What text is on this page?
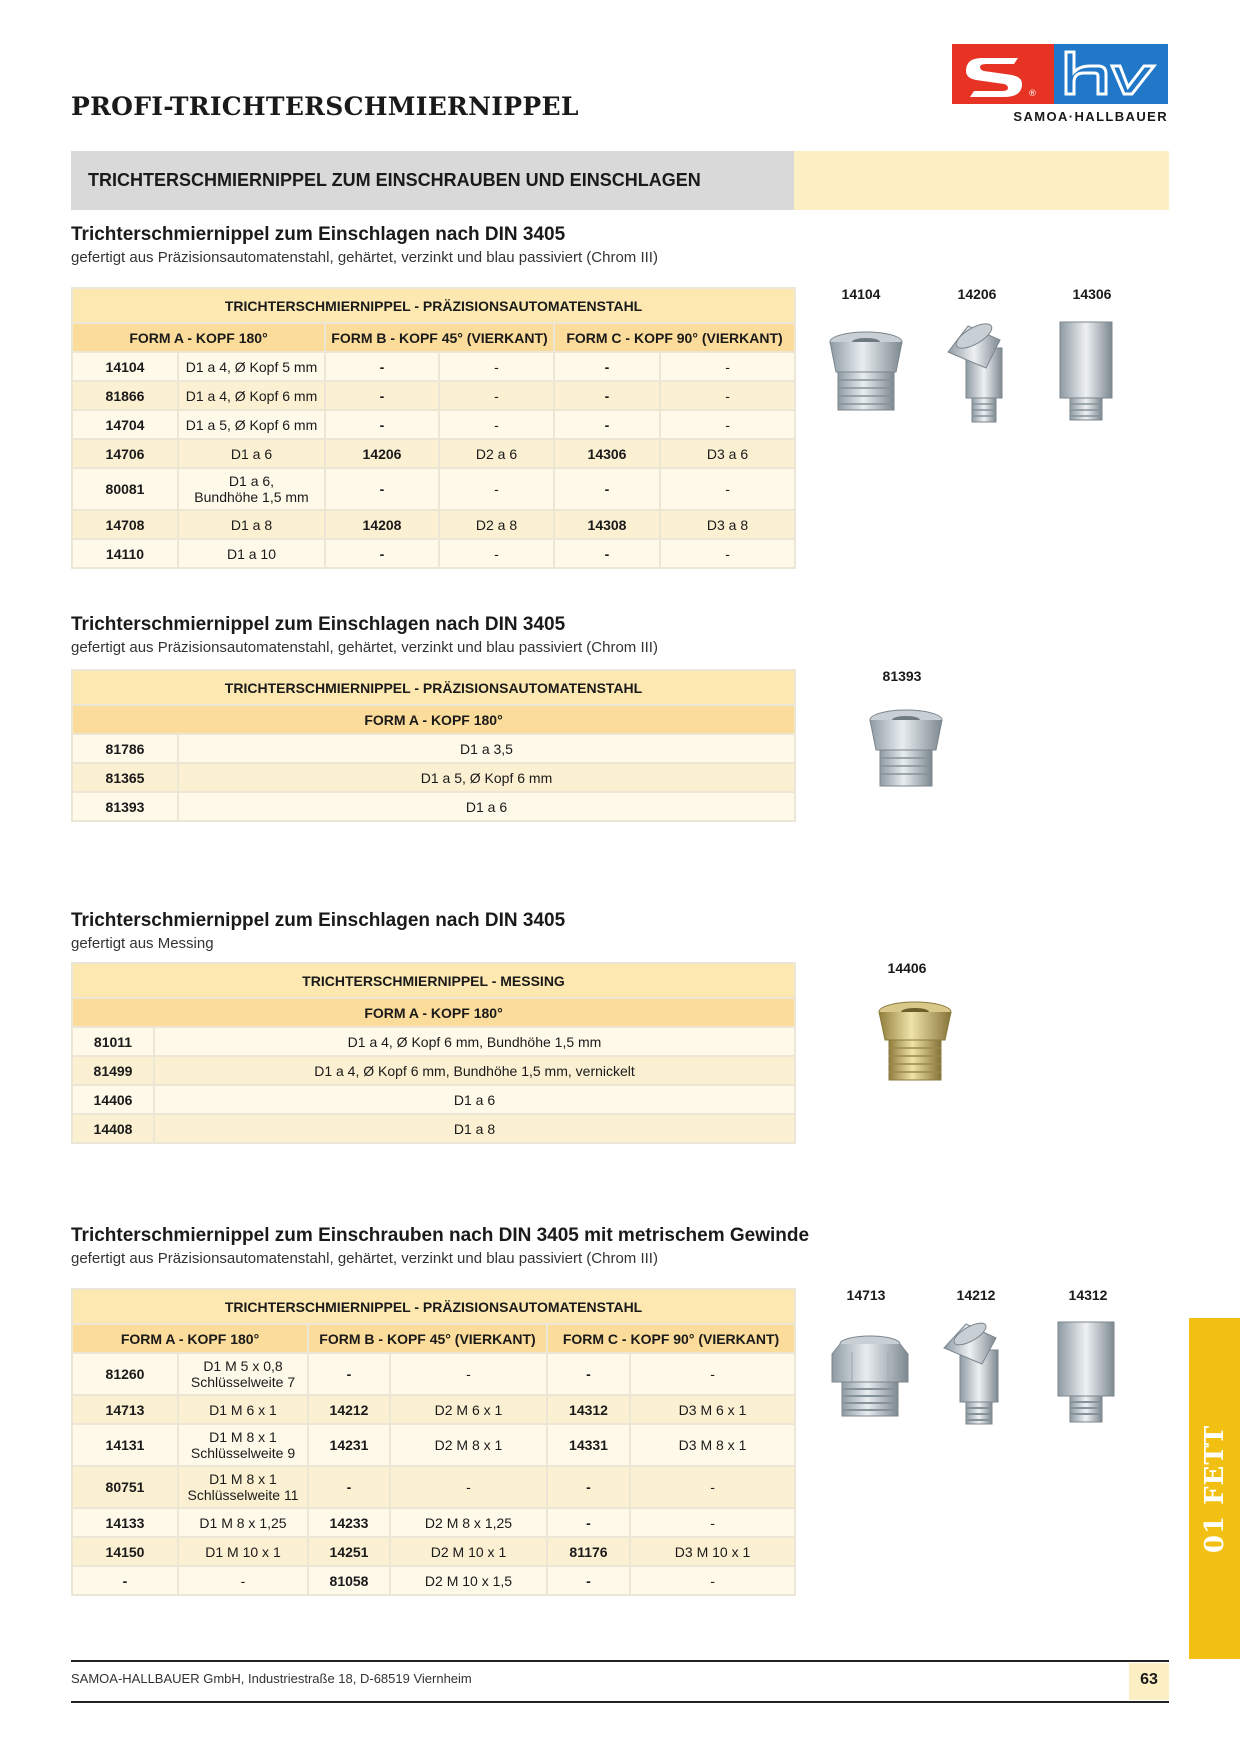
PROFI-TRICHTERSCHMIERNIPPEL	®
SAMOA·HALLBAUER
TRICHTERSCHMIERNIPPEL ZUM EINSCHRAUBEN UND EINSCHLAGEN
Trichterschmiernippel zum Einschlagen nach DIN 3405
gefertigt aus Präzisionsautomatenstahl, gehärtet, verzinkt und blau passiviert (Chrom III)
TRICHTERSCHMIERNIPPEL - PRÄZISIONSAUTOMATENSTAHL					
FORM A - KOPF 180°		FORM B - KOPF 45° (VIERKANT)		FORM C - KOPF 90° (VIERKANT)	
14104	D1 a 4, Ø Kopf 5 mm	-	-	-	-
81866	D1 a 4, Ø Kopf 6 mm	-	-	-	-
14704	D1 a 5, Ø Kopf 6 mm	-	-	-	-
14706	D1 a 6	14206	D2 a 6	14306	D3 a 6
80081	D1 a 6,
Bundhöhe 1,5 mm	-	-	-	-
14708	D1 a 8	14208	D2 a 8	14308	D3 a 8
14110	D1 a 10	-	-	-	-
14104	14206	14306
Trichterschmiernippel zum Einschlagen nach DIN 3405
gefertigt aus Präzisionsautomatenstahl, gehärtet, verzinkt und blau passiviert (Chrom III)
TRICHTERSCHMIERNIPPEL - PRÄZISIONSAUTOMATENSTAHL	
FORM A - KOPF 180°	
81786	D1 a 3,5
81365	D1 a 5, Ø Kopf 6 mm
81393	D1 a 6
81393
Trichterschmiernippel zum Einschlagen nach DIN 3405
gefertigt aus Messing
TRICHTERSCHMIERNIPPEL - MESSING	
FORM A - KOPF 180°	
81011	D1 a 4, Ø Kopf 6 mm, Bundhöhe 1,5 mm
81499	D1 a 4, Ø Kopf 6 mm, Bundhöhe 1,5 mm, vernickelt
14406	D1 a 6
14408	D1 a 8
14406
Trichterschmiernippel zum Einschrauben nach DIN 3405 mit metrischem Gewinde
gefertigt aus Präzisionsautomatenstahl, gehärtet, verzinkt und blau passiviert (Chrom III)
TRICHTERSCHMIERNIPPEL - PRÄZISIONSAUTOMATENSTAHL					
FORM A - KOPF 180°		FORM B - KOPF 45° (VIERKANT)		FORM C - KOPF 90° (VIERKANT)	
81260	D1 M 5 x 0,8
Schlüsselweite 7	-	-	-	-
14713	D1 M 6 x 1	14212	D2 M 6 x 1	14312	D3 M 6 x 1
14131	D1 M 8 x 1
Schlüsselweite 9	14231	D2 M 8 x 1	14331	D3 M 8 x 1
80751	D1 M 8 x 1
Schlüsselweite 11	-	-	-	-
14133	D1 M 8 x 1,25	14233	D2 M 8 x 1,25	-	-
14150	D1 M 10 x 1	14251	D2 M 10 x 1	81176	D3 M 10 x 1
-	-	81058	D2 M 10 x 1,5	-	-
14713	14212	14312
01 FETT
SAMOA-HALLBAUER GmbH, Industriestraße 18, D-68519 Viernheim	63
